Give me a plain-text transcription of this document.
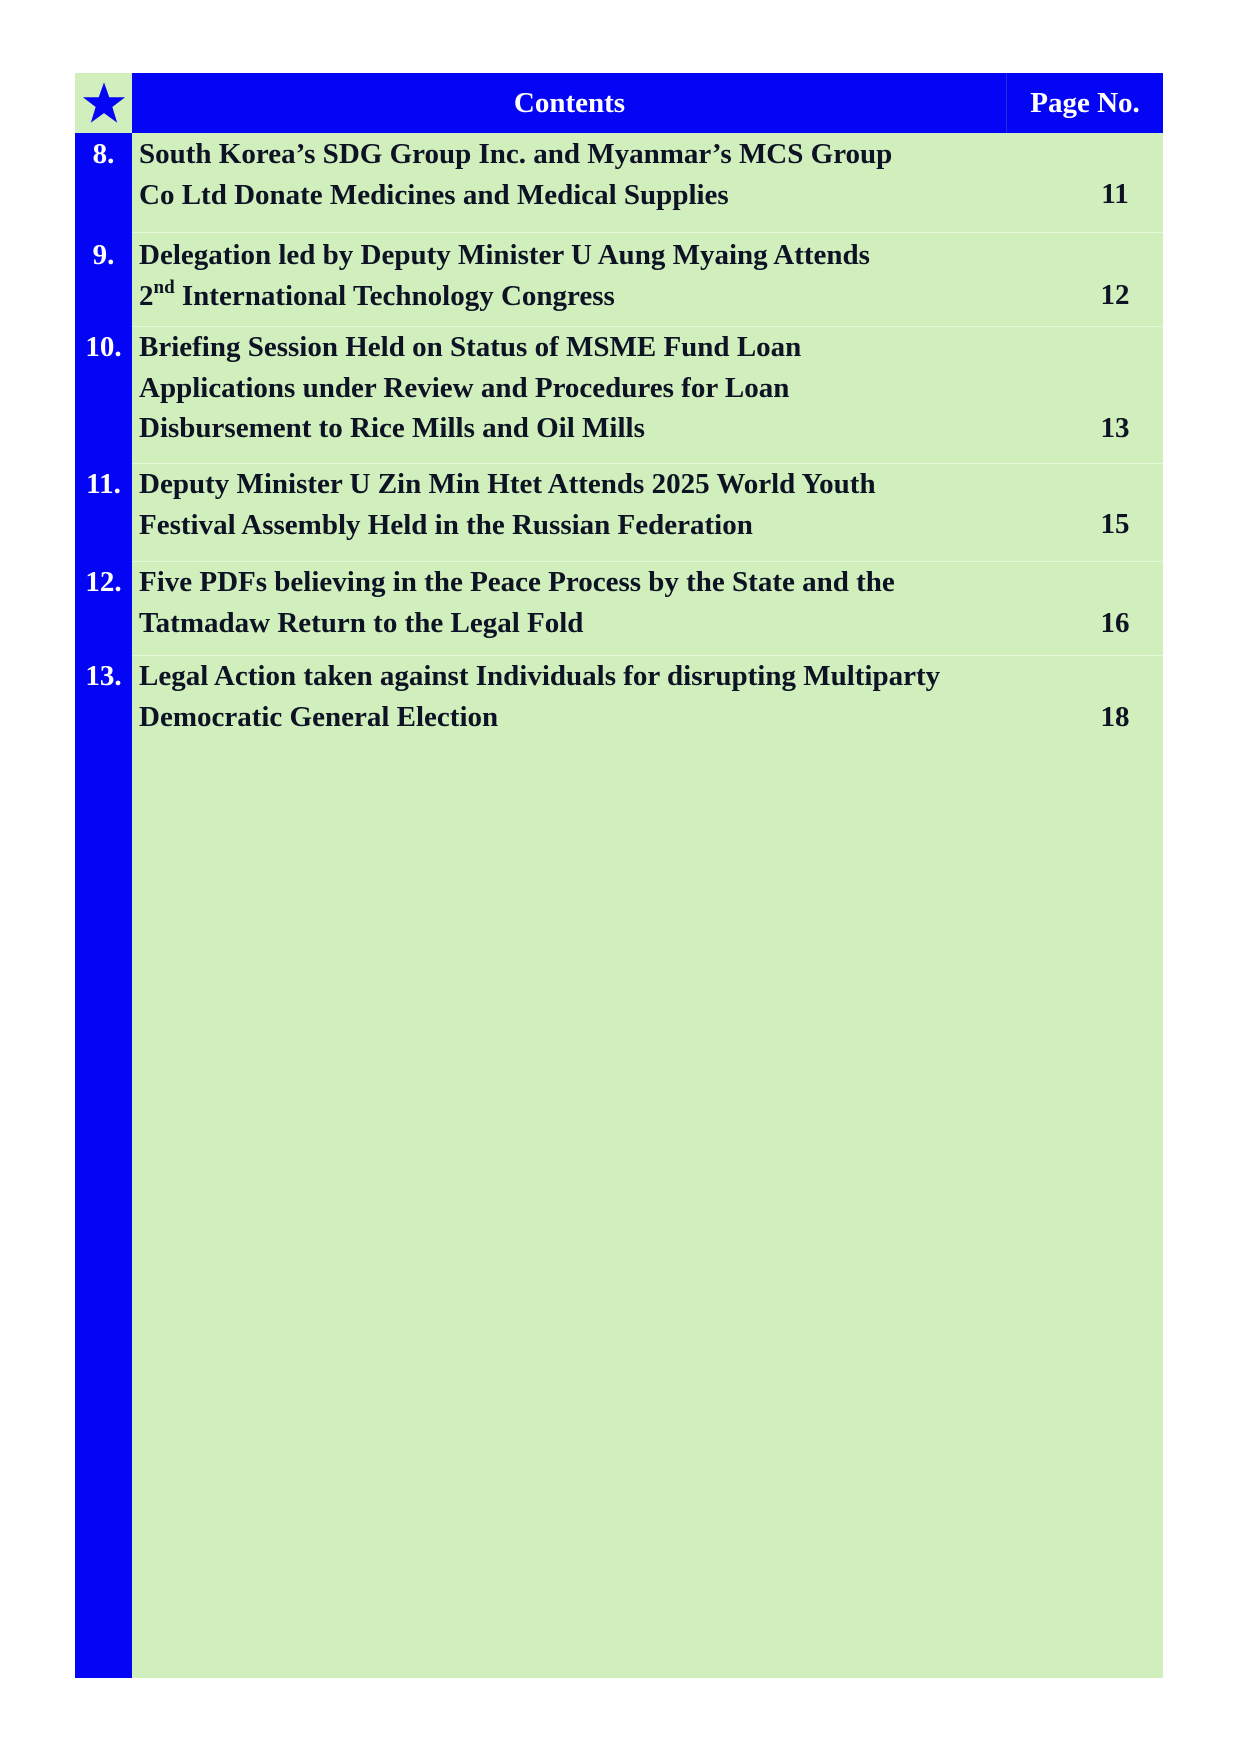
Contents	Page No.
8. South Korea’s SDG Group Inc. and Myanmar’s MCS Group
Co Ltd Donate Medicines and Medical Supplies	11
9. Delegation led by Deputy Minister U Aung Myaing Attends
2nd International Technology Congress	12
10. Briefing Session Held on Status of MSME Fund Loan
Applications under Review and Procedures for Loan
Disbursement to Rice Mills and Oil Mills	13
11. Deputy Minister U Zin Min Htet Attends 2025 World Youth
Festival Assembly Held in the Russian Federation	15
12. Five PDFs believing in the Peace Process by the State and the
Tatmadaw Return to the Legal Fold	16
13. Legal Action taken against Individuals for disrupting Multiparty
Democratic General Election	18
